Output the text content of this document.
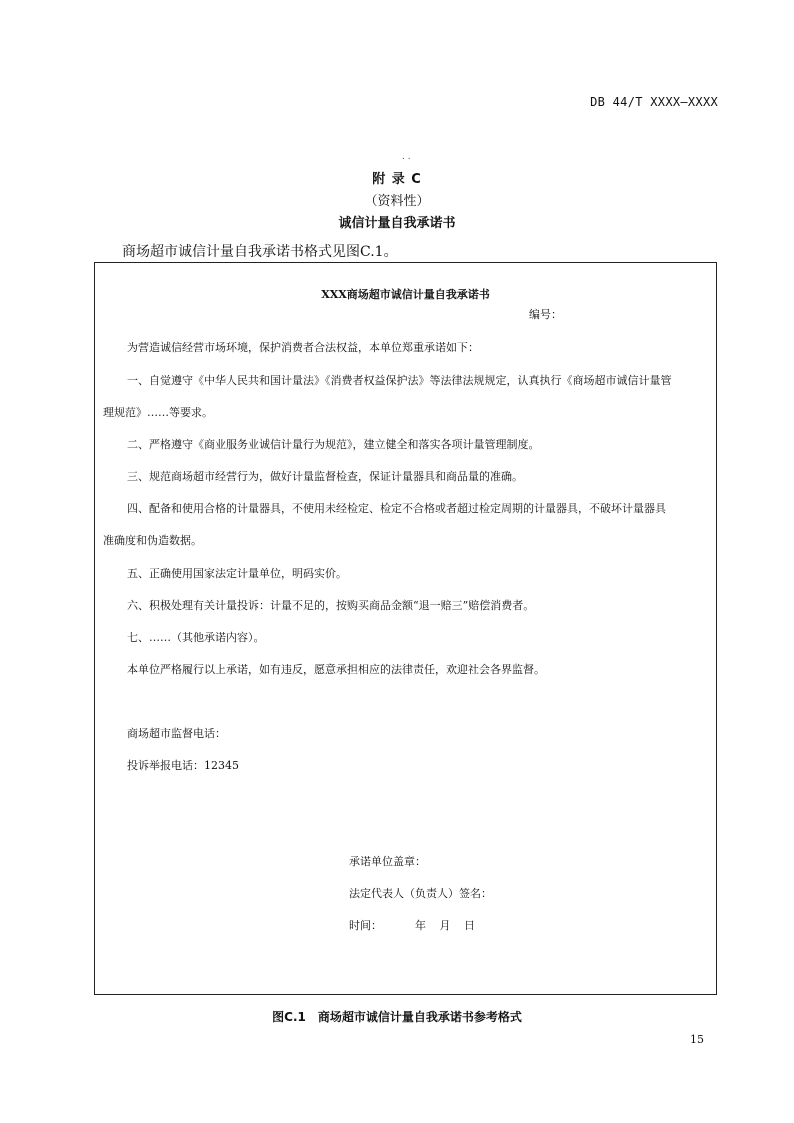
DB 44/T XXXX—XXXX
. .
附 录 C
（资料性）
诚信计量自我承诺书
商场超市诚信计量自我承诺书格式见图C.1。
XXX商场超市诚信计量自我承诺书
编号：
为营造诚信经营市场环境，保护消费者合法权益，本单位郑重承诺如下：
一、自觉遵守《中华人民共和国计量法》《消费者权益保护法》等法律法规规定，认真执行《商场超市诚信计量管
理规范》……等要求。
二、严格遵守《商业服务业诚信计量行为规范》，建立健全和落实各项计量管理制度。
三、规范商场超市经营行为，做好计量监督检查，保证计量器具和商品量的准确。
四、配备和使用合格的计量器具，不使用未经检定、检定不合格或者超过检定周期的计量器具，不破坏计量器具
准确度和伪造数据。
五、正确使用国家法定计量单位，明码实价。
六、积极处理有关计量投诉：计量不足的，按购买商品金额“退一赔三”赔偿消费者。
七、……（其他承诺内容）。
本单位严格履行以上承诺，如有违反，愿意承担相应的法律责任，欢迎社会各界监督。
商场超市监督电话：
投诉举报电话：12345
承诺单位盖章：
法定代表人（负责人）签名：
时间：	年 月 日
图C.1　商场超市诚信计量自我承诺书参考格式
15
